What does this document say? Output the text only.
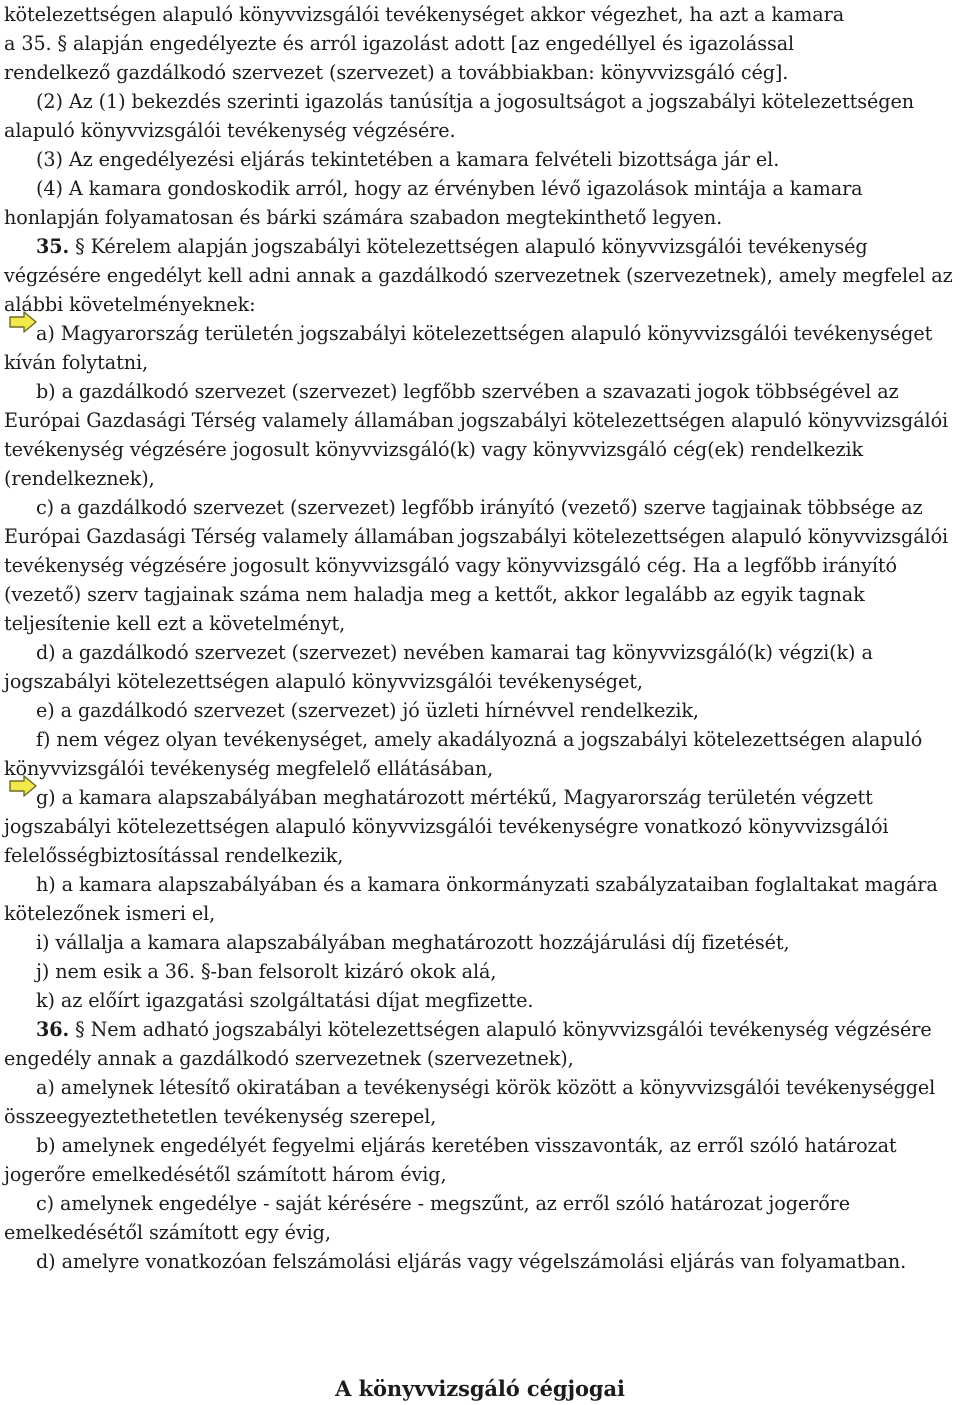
kötelezettségen alapuló könyvvizsgálói tevékenységet akkor végezhet, ha azt a kamara
a 35. § alapján engedélyezte és arról igazolást adott [az engedéllyel és igazolással
rendelkező gazdálkodó szervezet (szervezet) a továbbiakban: könyvvizsgáló cég].
(2) Az (1) bekezdés szerinti igazolás tanúsítja a jogosultságot a jogszabályi kötelezettségen alapuló könyvvizsgálói tevékenység végzésére.
(3) Az engedélyezési eljárás tekintetében a kamara felvételi bizottsága jár el.
(4) A kamara gondoskodik arról, hogy az érvényben lévő igazolások mintája a kamara honlapján folyamatosan és bárki számára szabadon megtekinthető legyen.
35. § Kérelem alapján jogszabályi kötelezettségen alapuló könyvvizsgálói tevékenység végzésére engedélyt kell adni annak a gazdálkodó szervezetnek (szervezetnek), amely megfelel az alábbi követelményeknek:
a) Magyarország területén jogszabályi kötelezettségen alapuló könyvvizsgálói tevékenységet kíván folytatni,
b) a gazdálkodó szervezet (szervezet) legfőbb szervében a szavazati jogok többségével az Európai Gazdasági Térség valamely államában jogszabályi kötelezettségen alapuló könyvvizsgálói tevékenység végzésére jogosult könyvvizsgáló(k) vagy könyvvizsgáló cég(ek) rendelkezik (rendelkeznek),
c) a gazdálkodó szervezet (szervezet) legfőbb irányító (vezető) szerve tagjainak többsége az Európai Gazdasági Térség valamely államában jogszabályi kötelezettségen alapuló könyvvizsgálói tevékenység végzésére jogosult könyvvizsgáló vagy könyvvizsgáló cég. Ha a legfőbb irányító (vezető) szerv tagjainak száma nem haladja meg a kettőt, akkor legalább az egyik tagnak teljesítenie kell ezt a követelményt,
d) a gazdálkodó szervezet (szervezet) nevében kamarai tag könyvvizsgáló(k) végzi(k) a jogszabályi kötelezettségen alapuló könyvvizsgálói tevékenységet,
e) a gazdálkodó szervezet (szervezet) jó üzleti hírnévvel rendelkezik,
f) nem végez olyan tevékenységet, amely akadályozná a jogszabályi kötelezettségen alapuló könyvvizsgálói tevékenység megfelelő ellátásában,
g) a kamara alapszabályában meghatározott mértékű, Magyarország területén végzett jogszabályi kötelezettségen alapuló könyvvizsgálói tevékenységre vonatkozó könyvvizsgálói felelősségbiztosítással rendelkezik,
h) a kamara alapszabályában és a kamara önkormányzati szabályzataiban foglaltakat magára kötelezőnek ismeri el,
i) vállalja a kamara alapszabályában meghatározott hozzájárulási díj fizetését,
j) nem esik a 36. §-ban felsorolt kizáró okok alá,
k) az előírt igazgatási szolgáltatási díjat megfizette.
36. § Nem adható jogszabályi kötelezettségen alapuló könyvvizsgálói tevékenység végzésére engedély annak a gazdálkodó szervezetnek (szervezetnek),
a) amelynek létesítő okiratában a tevékenységi körök között a könyvvizsgálói tevékenységgel összeegyeztethetetlen tevékenység szerepel,
b) amelynek engedélyét fegyelmi eljárás keretében visszavonták, az erről szóló határozat jogerőre emelkedésétől számított három évig,
c) amelynek engedélye - saját kérésére - megszűnt, az erről szóló határozat jogerőre emelkedésétől számított egy évig,
d) amelyre vonatkozóan felszámolási eljárás vagy végelszámolási eljárás van folyamatban.
A könyvvizsgáló cégjogai
